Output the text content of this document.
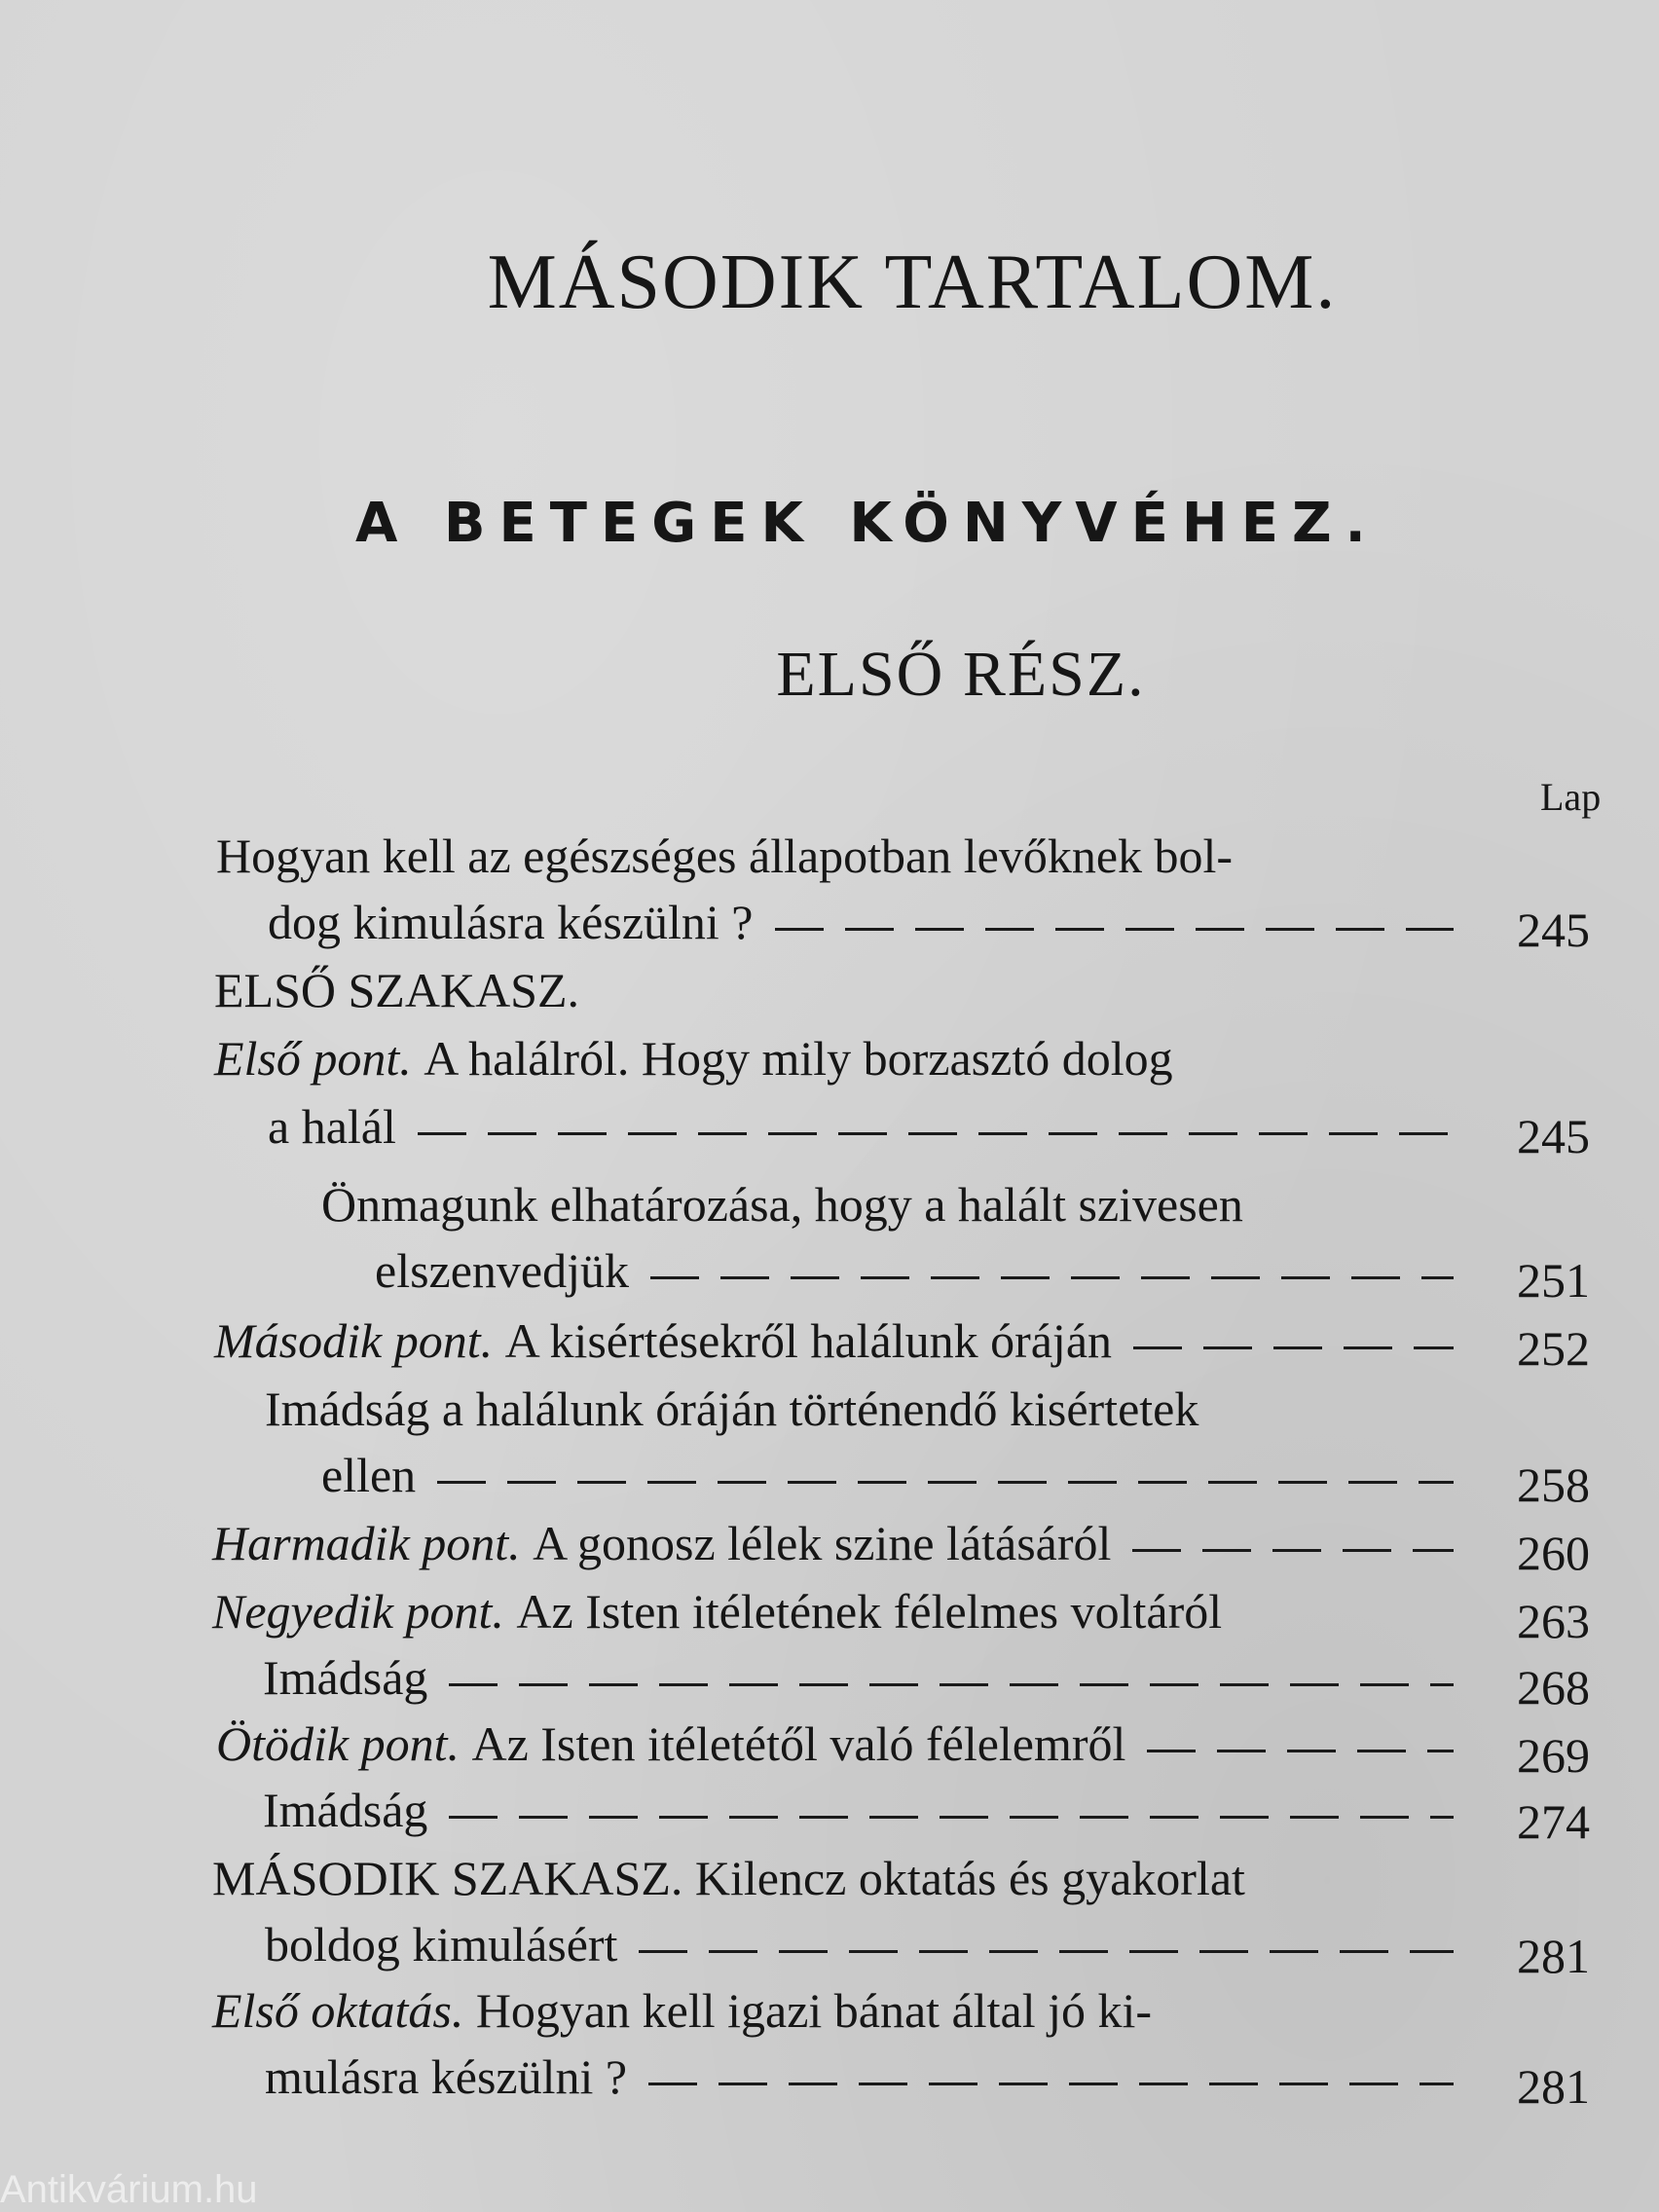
MÁSODIK TARTALOM.
A BETEGEK KÖNYVÉHEZ.
ELSŐ RÉSZ.
Lap
Hogyan kell az egészséges állapotban levőknek bol-
dog kimulásra készülni ?	245
ELSŐ SZAKASZ.
Első pont. A halálról. Hogy mily borzasztó dolog
a halál	245
Önmagunk elhatározása, hogy a halált szivesen
elszenvedjük	251
Második pont. A kisértésekről halálunk óráján	252
Imádság a halálunk óráján történendő kisértetek
ellen	258
Harmadik pont. A gonosz lélek szine látásáról	260
Negyedik pont. Az Isten itéletének félelmes voltáról	263
Imádság	268
Ötödik pont. Az Isten itéletétől való félelemről	269
Imádság	274
MÁSODIK SZAKASZ. Kilencz oktatás és gyakorlat
boldog kimulásért	281
Első oktatás. Hogyan kell igazi bánat által jó ki-
mulásra készülni ?	281
Antikvárium.hu
